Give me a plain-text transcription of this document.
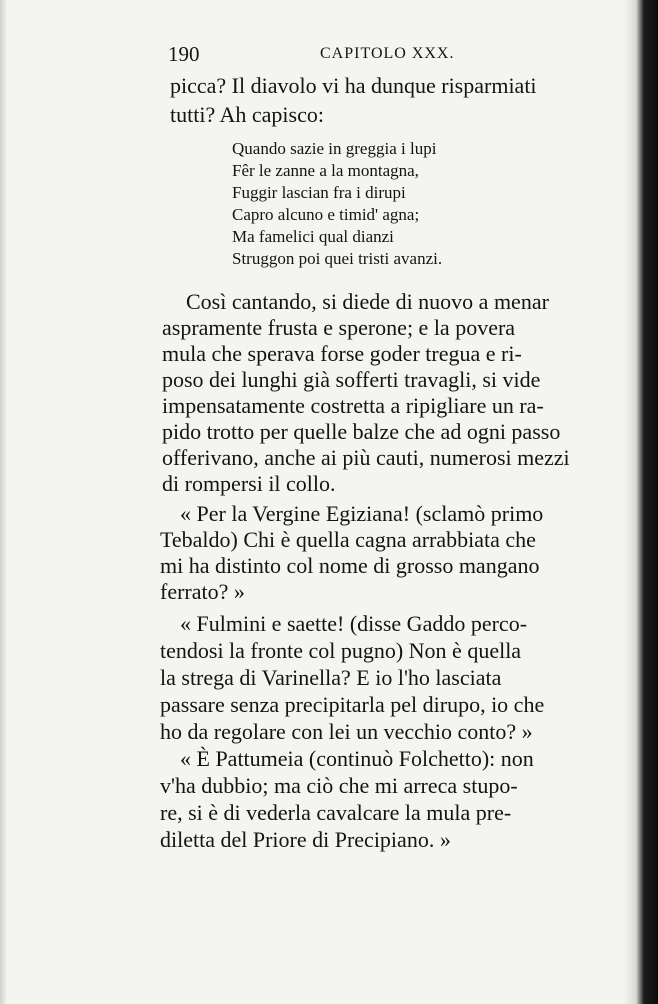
190	CAPITOLO XXX.
picca? Il diavolo vi ha dunque risparmiati
tutti? Ah capisco:
Quando sazie in greggia i lupi
Fêr le zanne a la montagna,
Fuggir lascian fra i dirupi
Capro alcuno e timid' agna;
Ma famelici qual dianzi
Struggon poi quei tristi avanzi.
Così cantando, si diede di nuovo a menar
aspramente frusta e sperone; e la povera
mula che sperava forse goder tregua e ri-
poso dei lunghi già sofferti travagli, si vide
impensatamente costretta a ripigliare un ra-
pido trotto per quelle balze che ad ogni passo
offerivano, anche ai più cauti, numerosi mezzi
di rompersi il collo.
« Per la Vergine Egiziana! (sclamò primo
Tebaldo) Chi è quella cagna arrabbiata che
mi ha distinto col nome di grosso mangano
ferrato? »
« Fulmini e saette! (disse Gaddo perco-
tendosi la fronte col pugno) Non è quella
la strega di Varinella? E io l'ho lasciata
passare senza precipitarla pel dirupo, io che
ho da regolare con lei un vecchio conto? »
« È Pattumeia (continuò Folchetto): non
v'ha dubbio; ma ciò che mi arreca stupo-
re, si è di vederla cavalcare la mula pre-
diletta del Priore di Precipiano. »
